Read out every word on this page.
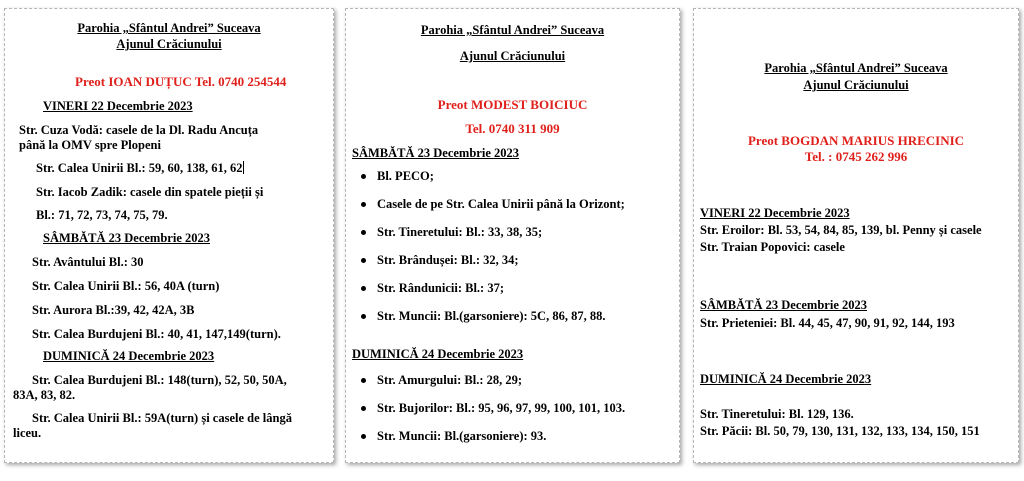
Parohia „Sfântul Andrei” Suceava
Ajunul Crăciunului
Preot IOAN DUȚUC Tel. 0740 254544
VINERI 22 Decembrie 2023
Str. Cuza Vodă: casele de la Dl. Radu Ancuța
până la OMV spre Plopeni
Str. Calea Unirii Bl.: 59, 60, 138, 61, 62
Str. Iacob Zadik: casele din spatele pieții și
Bl.: 71, 72, 73, 74, 75, 79.
SÂMBĂTĂ 23 Decembrie 2023
Str. Avântului Bl.: 30
Str. Calea Unirii Bl.: 56, 40A (turn)
Str. Aurora Bl.:39, 42, 42A, 3B
Str. Calea Burdujeni Bl.: 40, 41, 147,149(turn).
DUMINICĂ 24 Decembrie 2023
Str. Calea Burdujeni Bl.: 148(turn), 52, 50, 50A,
83A, 83, 82.
Str. Calea Unirii Bl.: 59A(turn) și casele de lângă
liceu.
Parohia „Sfântul Andrei” Suceava
Ajunul Crăciunului
Preot MODEST BOICIUC
Tel. 0740 311 909
SÂMBĂTĂ 23 Decembrie 2023
Bl. PECO;
Casele de pe Str. Calea Unirii până la Orizont;
Str. Tineretului: Bl.: 33, 38, 35;
Str. Brândușei: Bl.: 32, 34;
Str. Rândunicii: Bl.: 37;
Str. Muncii: Bl.(garsoniere): 5C, 86, 87, 88.
DUMINICĂ 24 Decembrie 2023
Str. Amurgului: Bl.: 28, 29;
Str. Bujorilor: Bl.: 95, 96, 97, 99, 100, 101, 103.
Str. Muncii: Bl.(garsoniere): 93.
Parohia „Sfântul Andrei” Suceava
Ajunul Crăciunului
Preot BOGDAN MARIUS HRECINIC
Tel. : 0745 262 996
VINERI 22 Decembrie 2023
Str. Eroilor: Bl. 53, 54, 84, 85, 139, bl. Penny și casele
Str. Traian Popovici: casele
SÂMBĂTĂ 23 Decembrie 2023
Str. Prieteniei: Bl. 44, 45, 47, 90, 91, 92, 144, 193
DUMINICĂ 24 Decembrie 2023
Str. Tineretului: Bl. 129, 136.
Str. Păcii: Bl. 50, 79, 130, 131, 132, 133, 134, 150, 151
